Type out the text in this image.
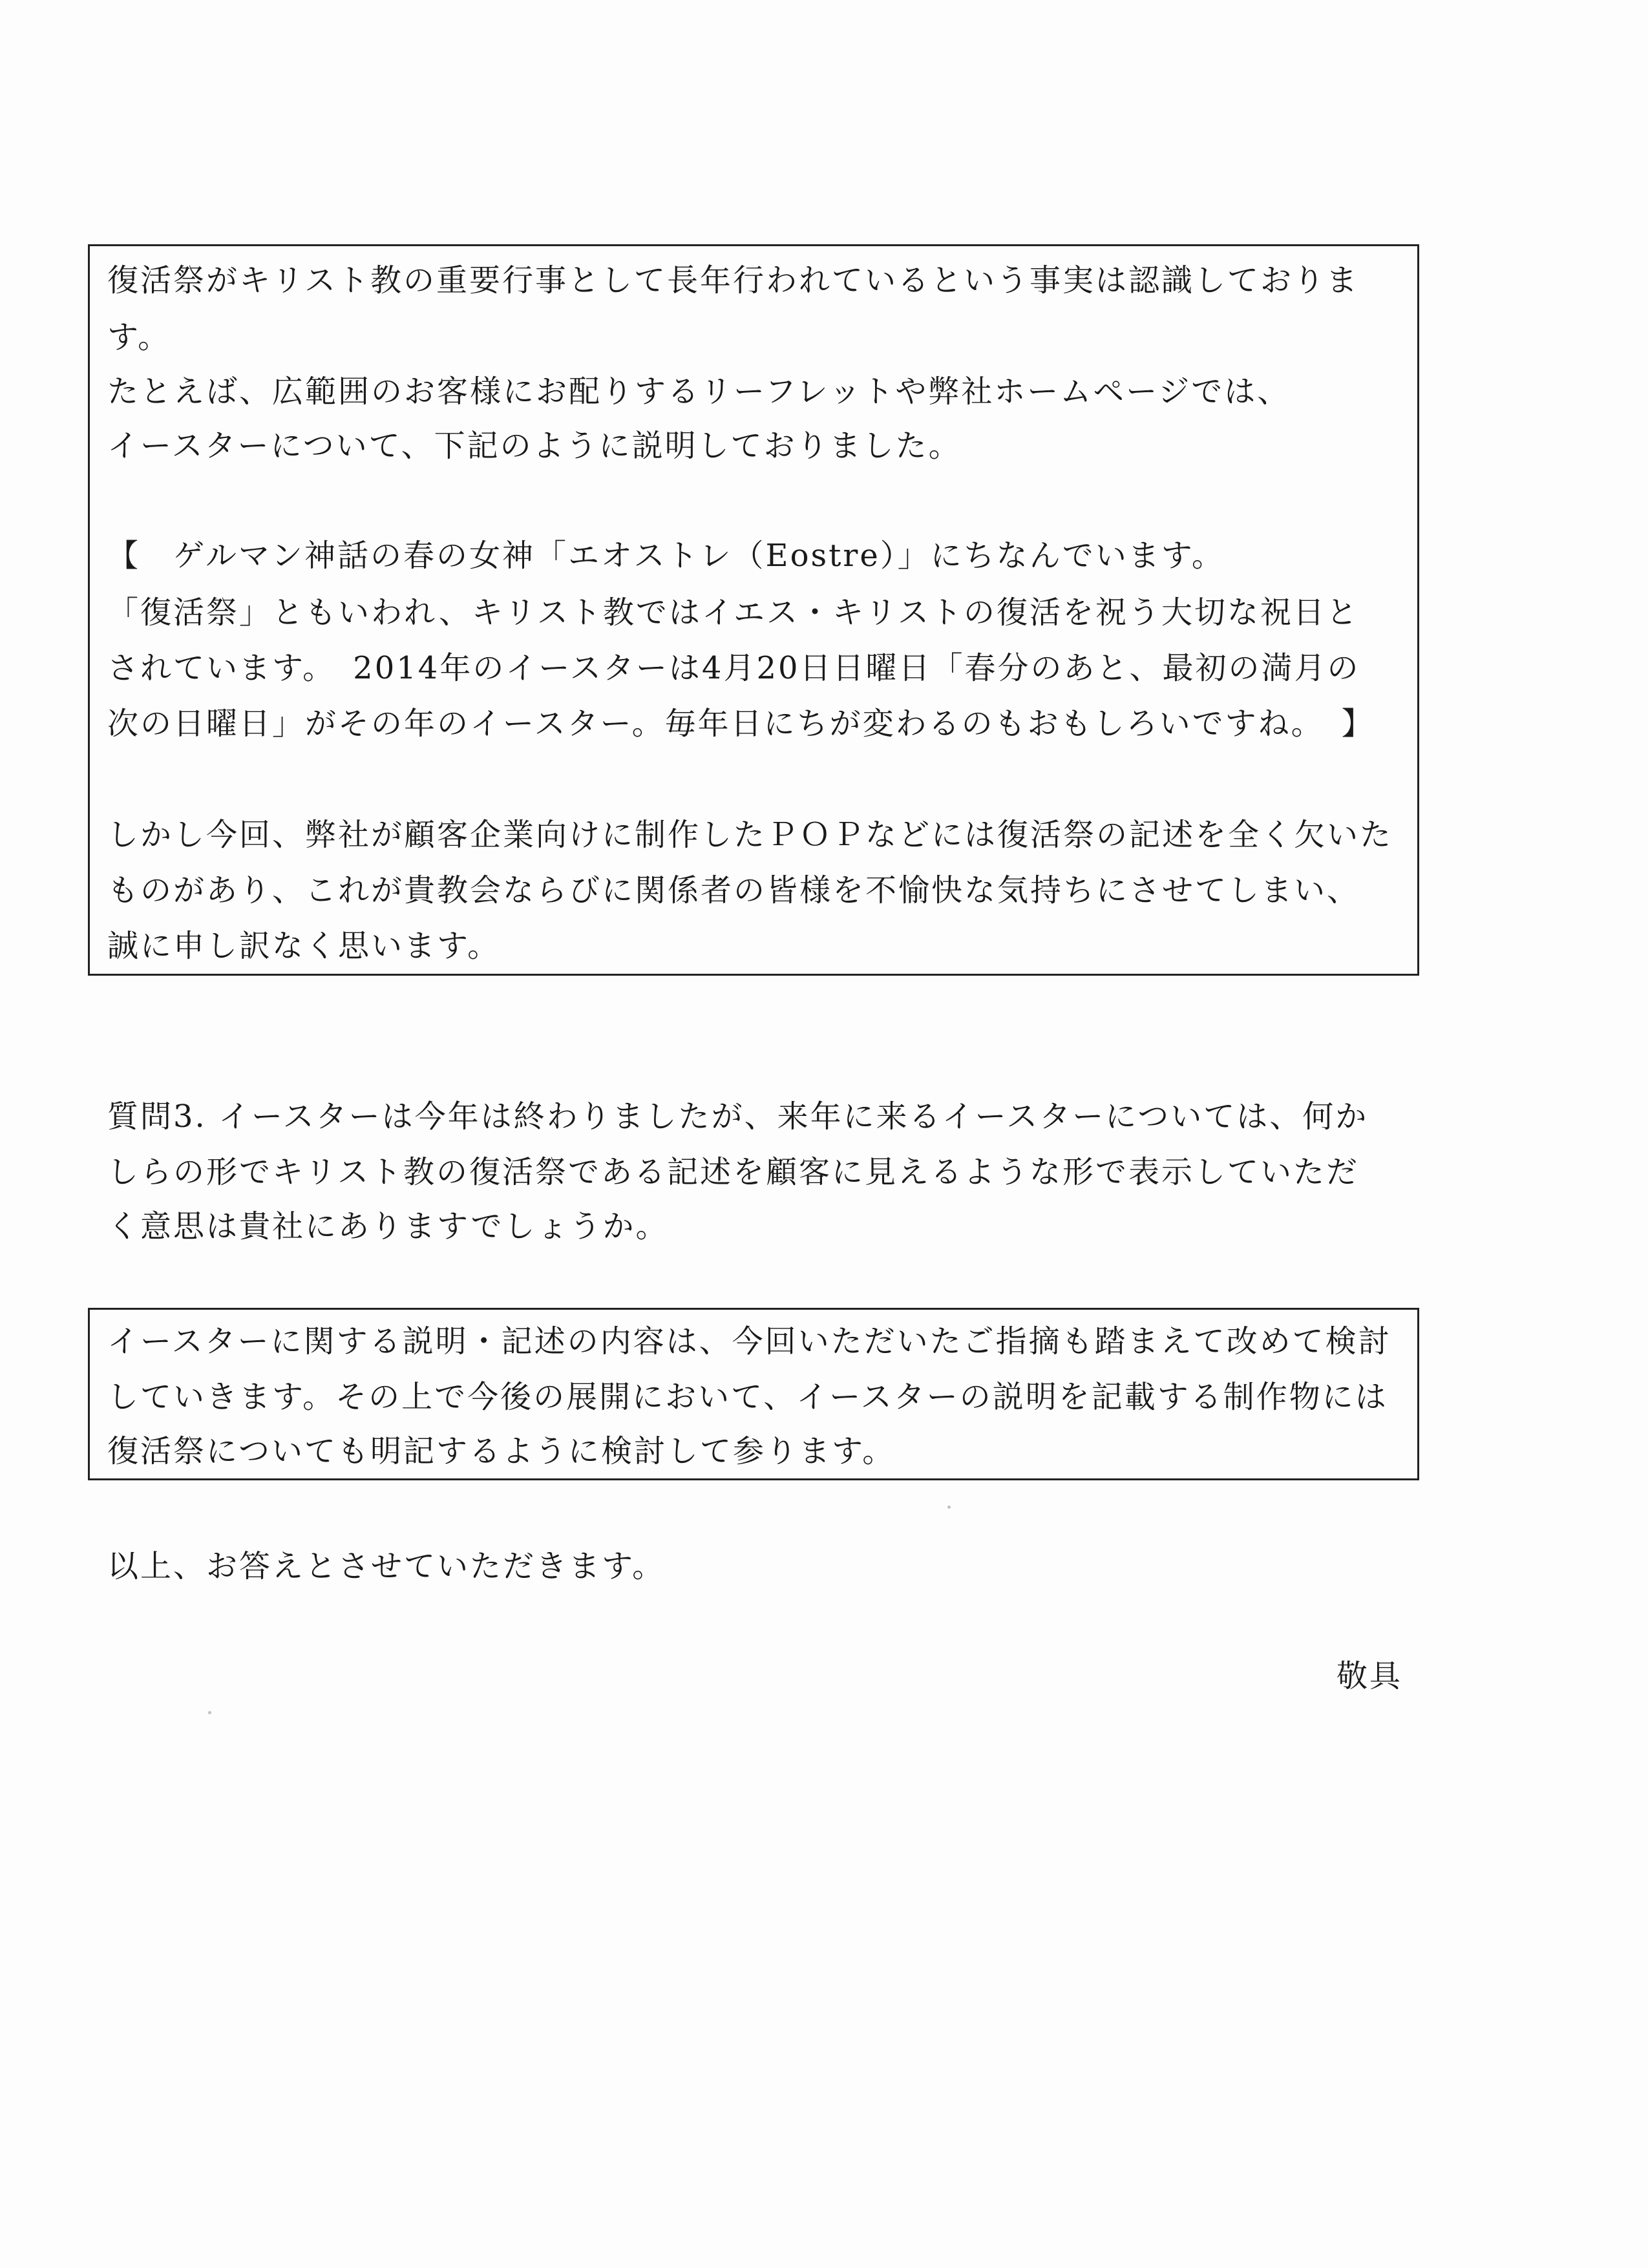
復活祭がキリスト教の重要行事として長年行われているという事実は認識しておりま
す。
たとえば、広範囲のお客様にお配りするリーフレットや弊社ホームページでは、
イースターについて、下記のように説明しておりました。
【　ゲルマン神話の春の女神「エオストレ（Eostre）」にちなんでいます。
「復活祭」ともいわれ、キリスト教ではイエス・キリストの復活を祝う大切な祝日と
されています。　2014年のイースターは4月20日日曜日「春分のあと、最初の満月の
次の日曜日」がその年のイースター。毎年日にちが変わるのもおもしろいですね。　】
しかし今回、弊社が顧客企業向けに制作したＰＯＰなどには復活祭の記述を全く欠いた
ものがあり、これが貴教会ならびに関係者の皆様を不愉快な気持ちにさせてしまい、
誠に申し訳なく思います。
質問3. イースターは今年は終わりましたが、来年に来るイースターについては、何か
しらの形でキリスト教の復活祭である記述を顧客に見えるような形で表示していただ
く意思は貴社にありますでしょうか。
イースターに関する説明・記述の内容は、今回いただいたご指摘も踏まえて改めて検討
していきます。その上で今後の展開において、イースターの説明を記載する制作物には
復活祭についても明記するように検討して参ります。
以上、お答えとさせていただきます。
敬具
